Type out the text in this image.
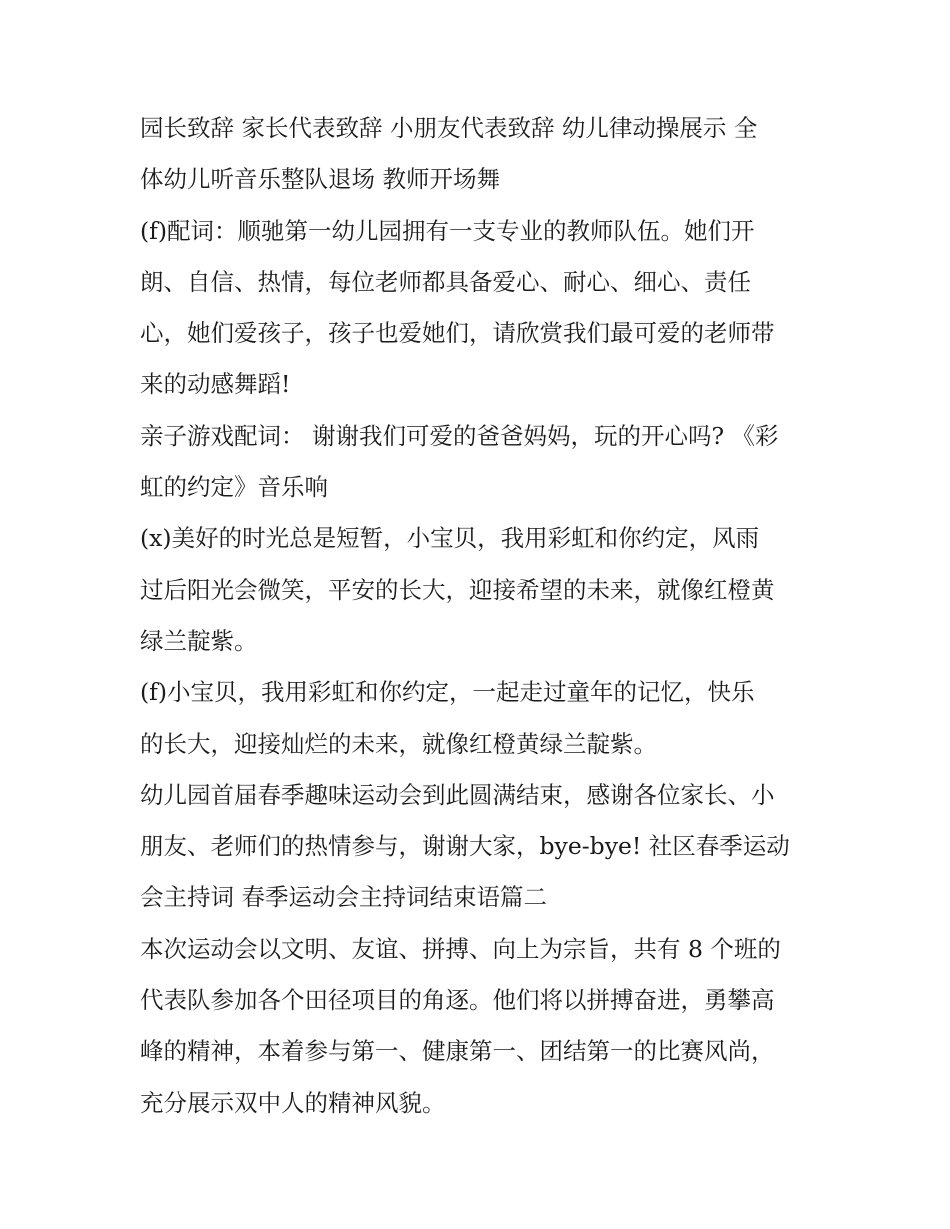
园长致辞 家长代表致辞 小朋友代表致辞 幼儿律动操展示 全
体幼儿听音乐整队退场 教师开场舞
(f)配词：顺驰第一幼儿园拥有一支专业的教师队伍。她们开
朗、自信、热情，每位老师都具备爱心、耐心、细心、责任
心，她们爱孩子，孩子也爱她们，请欣赏我们最可爱的老师带
来的动感舞蹈!
亲子游戏配词： 谢谢我们可爱的爸爸妈妈，玩的开心吗? 《彩
虹的约定》音乐响
(x)美好的时光总是短暂，小宝贝，我用彩虹和你约定，风雨
过后阳光会微笑，平安的长大，迎接希望的未来，就像红橙黄
绿兰靛紫。
(f)小宝贝，我用彩虹和你约定，一起走过童年的记忆，快乐
的长大，迎接灿烂的未来，就像红橙黄绿兰靛紫。
幼儿园首届春季趣味运动会到此圆满结束，感谢各位家长、小
朋友、老师们的热情参与，谢谢大家，bye-bye! 社区春季运动
会主持词 春季运动会主持词结束语篇二
本次运动会以文明、友谊、拼搏、向上为宗旨，共有 8 个班的
代表队参加各个田径项目的角逐。他们将以拼搏奋进，勇攀高
峰的精神，本着参与第一、健康第一、团结第一的比赛风尚，
充分展示双中人的精神风貌。
